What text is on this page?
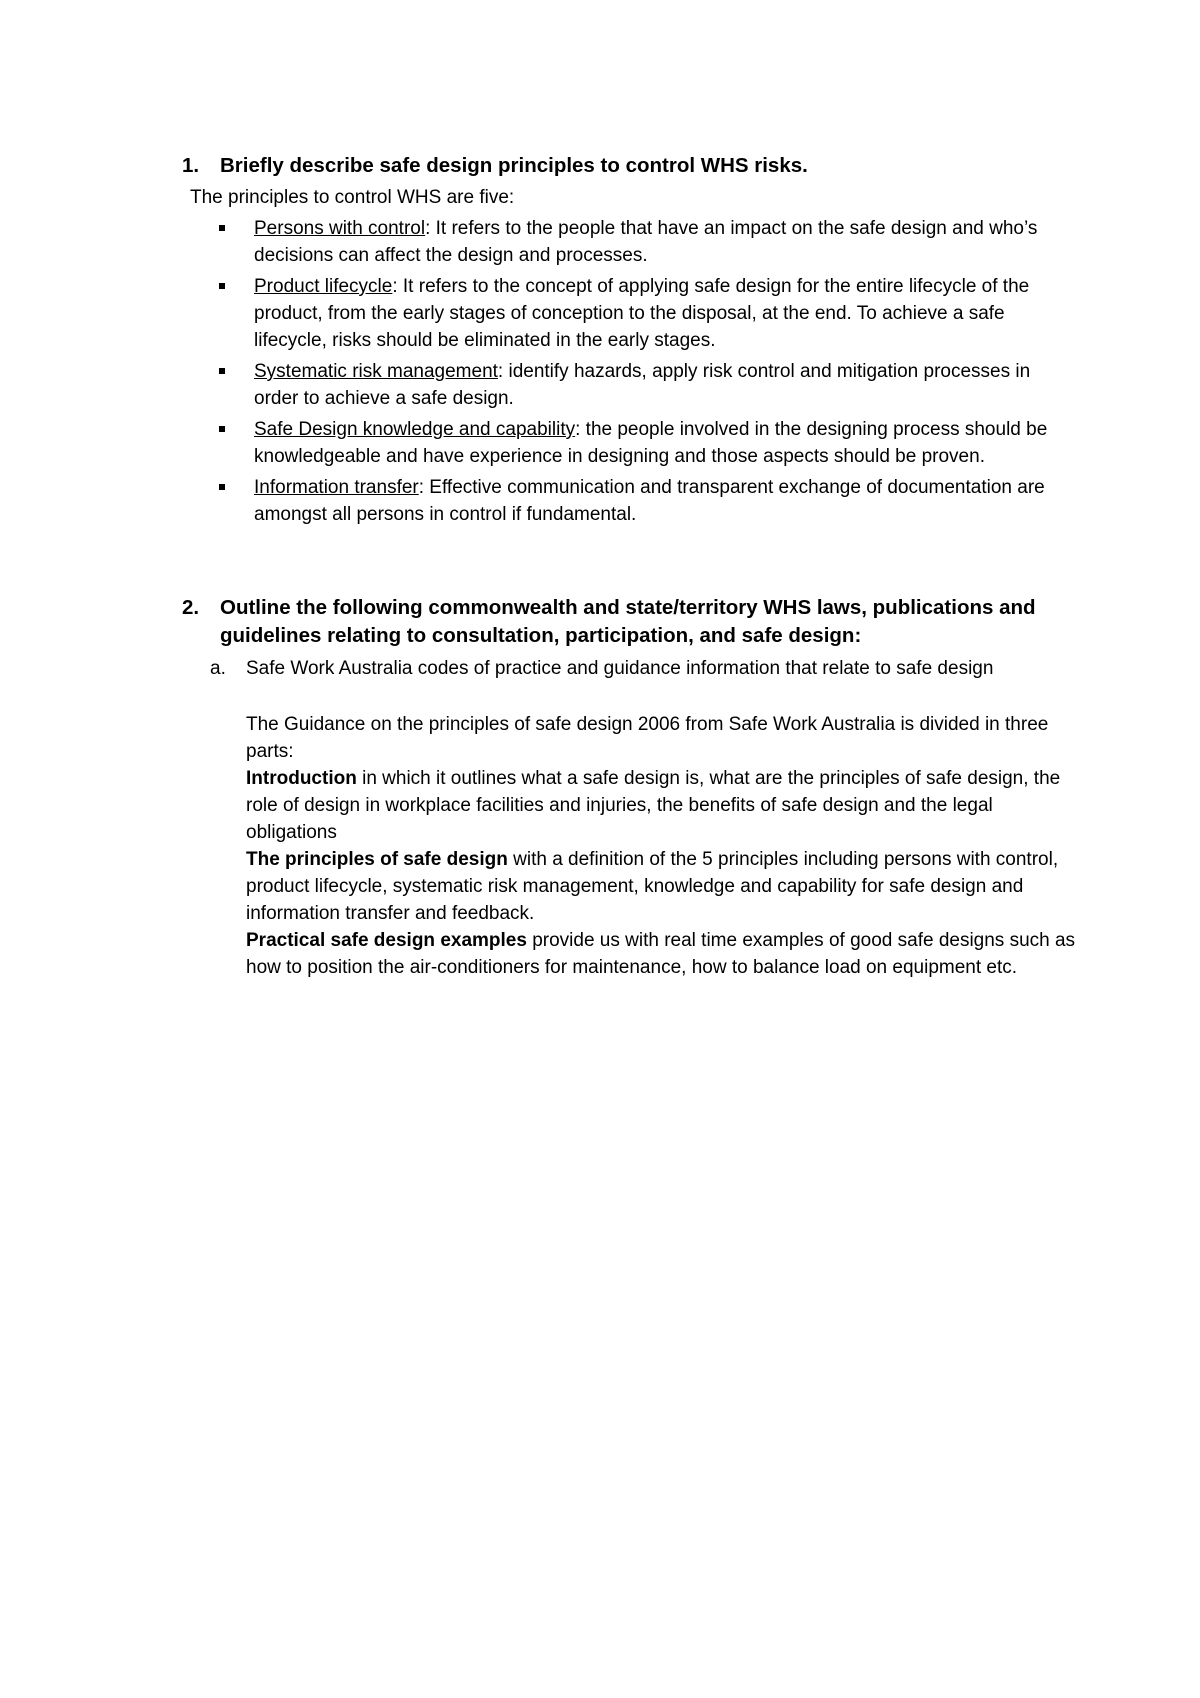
1. Briefly describe safe design principles to control WHS risks.
The principles to control WHS are five:
Persons with control: It refers to the people that have an impact on the safe design and who’s decisions can affect the design and processes.
Product lifecycle: It refers to the concept of applying safe design for the entire lifecycle of the product, from the early stages of conception to the disposal, at the end. To achieve a safe lifecycle, risks should be eliminated in the early stages.
Systematic risk management: identify hazards, apply risk control and mitigation processes in order to achieve a safe design.
Safe Design knowledge and capability: the people involved in the designing process should be knowledgeable and have experience in designing and those aspects should be proven.
Information transfer: Effective communication and transparent exchange of documentation are amongst all persons in control if fundamental.
2.	Outline the following commonwealth and state/territory WHS laws, publications and guidelines relating to consultation, participation, and safe design:
a. Safe Work Australia codes of practice and guidance information that relate to safe design

The Guidance on the principles of safe design 2006 from Safe Work Australia is divided in three parts:

Introduction in which it outlines what a safe design is, what are the principles of safe design, the role of design in workplace facilities and injuries, the benefits of safe design and the legal obligations

The principles of safe design with a definition of the 5 principles including persons with control, product lifecycle, systematic risk management, knowledge and capability for safe design and information transfer and feedback.

Practical safe design examples provide us with real time examples of good safe designs such as how to position the air-conditioners for maintenance, how to balance load on equipment etc.
